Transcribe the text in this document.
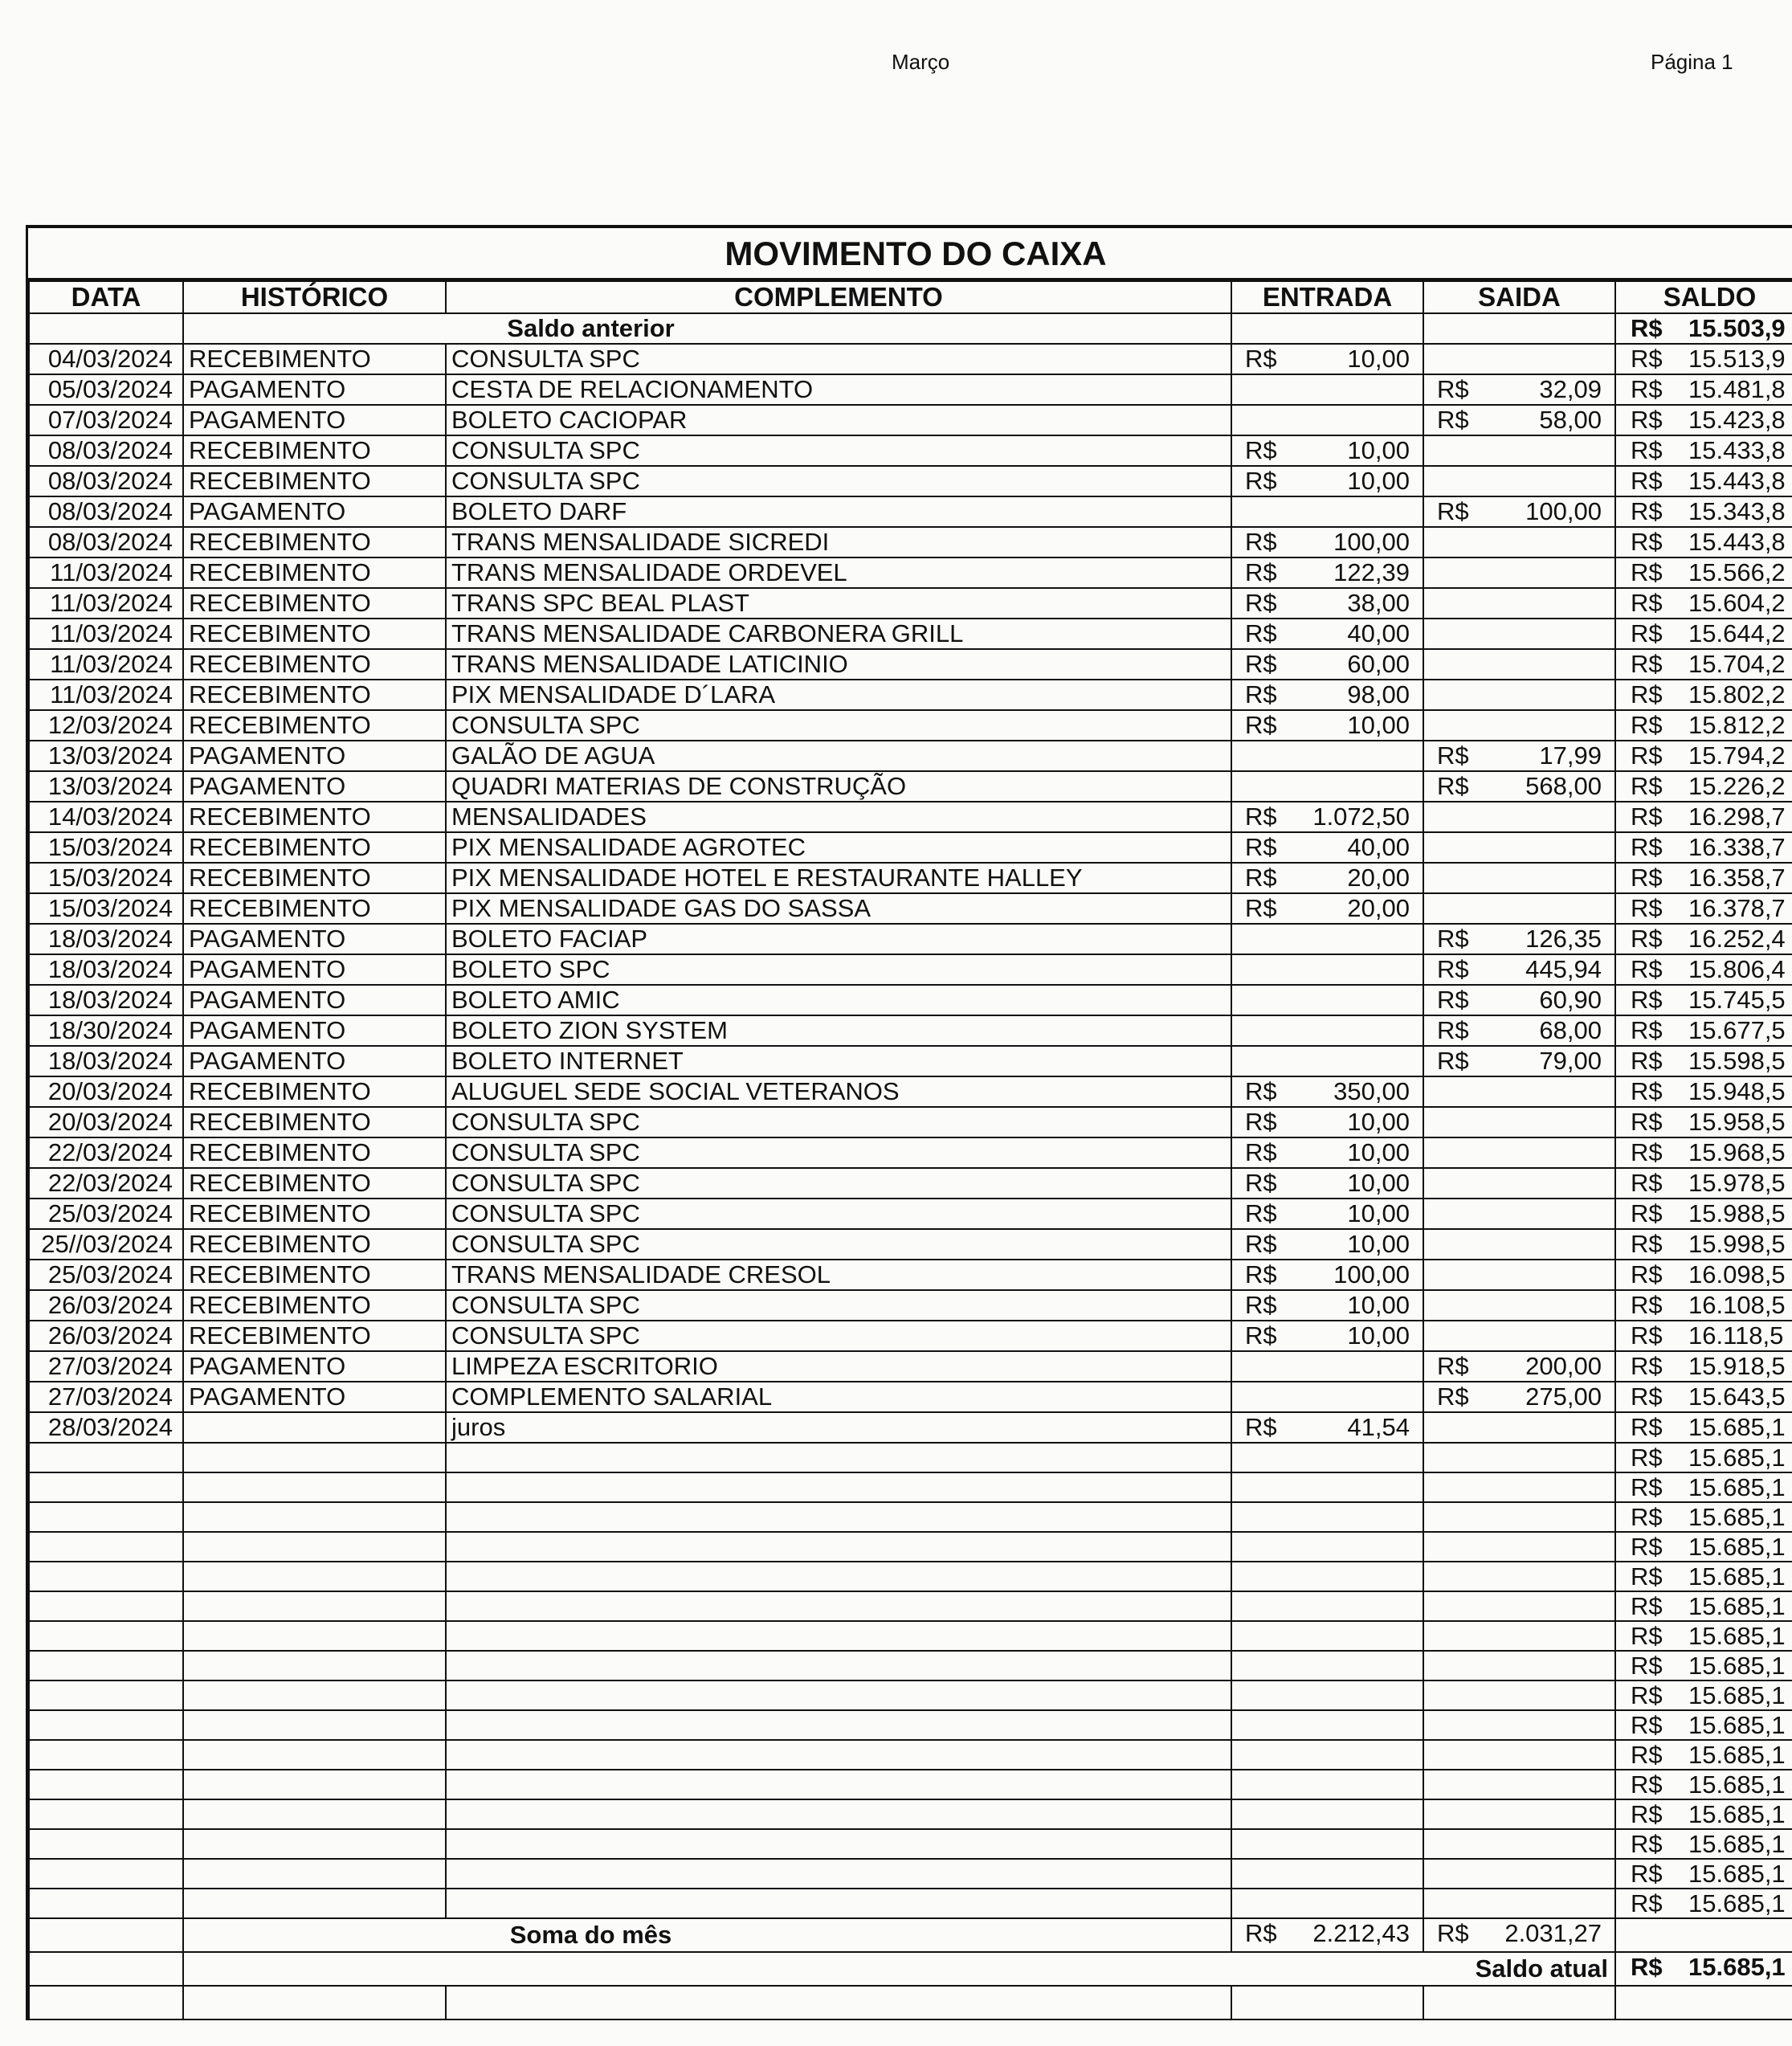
Março	Página 1
MOVIMENTO DO CAIXA
DATA	HISTÓRICO	COMPLEMENTO	ENTRADA	SAIDA	SALDO
	Saldo anterior				R$ 15.503,9

04/03/2024	RECEBIMENTO	CONSULTA SPC	R$ 10,00		R$ 15.513,9

05/03/2024	PAGAMENTO	CESTA DE RELACIONAMENTO		R$ 32,09	R$ 15.481,8

07/03/2024	PAGAMENTO	BOLETO CACIOPAR		R$ 58,00	R$ 15.423,8

08/03/2024	RECEBIMENTO	CONSULTA SPC	R$ 10,00		R$ 15.433,8

08/03/2024	RECEBIMENTO	CONSULTA SPC	R$ 10,00		R$ 15.443,8

08/03/2024	PAGAMENTO	BOLETO DARF		R$ 100,00	R$ 15.343,8

08/03/2024	RECEBIMENTO	TRANS MENSALIDADE SICREDI	R$ 100,00		R$ 15.443,8

11/03/2024	RECEBIMENTO	TRANS MENSALIDADE ORDEVEL	R$ 122,39		R$ 15.566,2

11/03/2024	RECEBIMENTO	TRANS SPC BEAL PLAST	R$ 38,00		R$ 15.604,2

11/03/2024	RECEBIMENTO	TRANS MENSALIDADE CARBONERA GRILL	R$ 40,00		R$ 15.644,2

11/03/2024	RECEBIMENTO	TRANS MENSALIDADE LATICINIO	R$ 60,00		R$ 15.704,2

11/03/2024	RECEBIMENTO	PIX MENSALIDADE D´LARA	R$ 98,00		R$ 15.802,2

12/03/2024	RECEBIMENTO	CONSULTA SPC	R$ 10,00		R$ 15.812,2

13/03/2024	PAGAMENTO	GALÃO DE AGUA		R$ 17,99	R$ 15.794,2

13/03/2024	PAGAMENTO	QUADRI MATERIAS DE CONSTRUÇÃO		R$ 568,00	R$ 15.226,2

14/03/2024	RECEBIMENTO	MENSALIDADES	R$ 1.072,50		R$ 16.298,7

15/03/2024	RECEBIMENTO	PIX MENSALIDADE AGROTEC	R$ 40,00		R$ 16.338,7

15/03/2024	RECEBIMENTO	PIX MENSALIDADE HOTEL E RESTAURANTE HALLEY	R$ 20,00		R$ 16.358,7

15/03/2024	RECEBIMENTO	PIX MENSALIDADE GAS DO SASSA	R$ 20,00		R$ 16.378,7

18/03/2024	PAGAMENTO	BOLETO FACIAP		R$ 126,35	R$ 16.252,4

18/03/2024	PAGAMENTO	BOLETO SPC		R$ 445,94	R$ 15.806,4

18/03/2024	PAGAMENTO	BOLETO AMIC		R$ 60,90	R$ 15.745,5

18/30/2024	PAGAMENTO	BOLETO ZION SYSTEM		R$ 68,00	R$ 15.677,5

18/03/2024	PAGAMENTO	BOLETO INTERNET		R$ 79,00	R$ 15.598,5

20/03/2024	RECEBIMENTO	ALUGUEL SEDE SOCIAL VETERANOS	R$ 350,00		R$ 15.948,5

20/03/2024	RECEBIMENTO	CONSULTA SPC	R$ 10,00		R$ 15.958,5

22/03/2024	RECEBIMENTO	CONSULTA SPC	R$ 10,00		R$ 15.968,5

22/03/2024	RECEBIMENTO	CONSULTA SPC	R$ 10,00		R$ 15.978,5

25/03/2024	RECEBIMENTO	CONSULTA SPC	R$ 10,00		R$ 15.988,5

25//03/2024	RECEBIMENTO	CONSULTA SPC	R$ 10,00		R$ 15.998,5

25/03/2024	RECEBIMENTO	TRANS MENSALIDADE CRESOL	R$ 100,00		R$ 16.098,5

26/03/2024	RECEBIMENTO	CONSULTA SPC	R$ 10,00		R$ 16.108,5

26/03/2024	RECEBIMENTO	CONSULTA SPC	R$ 10,00		R$ 16.118,5

27/03/2024	PAGAMENTO	LIMPEZA ESCRITORIO		R$ 200,00	R$ 15.918,5

27/03/2024	PAGAMENTO	COMPLEMENTO SALARIAL		R$ 275,00	R$ 15.643,5

28/03/2024		juros	R$ 41,54		R$ 15.685,1

					R$ 15.685,1

					R$ 15.685,1

					R$ 15.685,1

					R$ 15.685,1

					R$ 15.685,1

					R$ 15.685,1

					R$ 15.685,1

					R$ 15.685,1

					R$ 15.685,1

					R$ 15.685,1

					R$ 15.685,1

					R$ 15.685,1

					R$ 15.685,1

					R$ 15.685,1

					R$ 15.685,1

					R$ 15.685,1

	Soma do mês		R$ 2.212,43	R$ 2.031,27	

	Saldo atual				R$ 15.685,1
